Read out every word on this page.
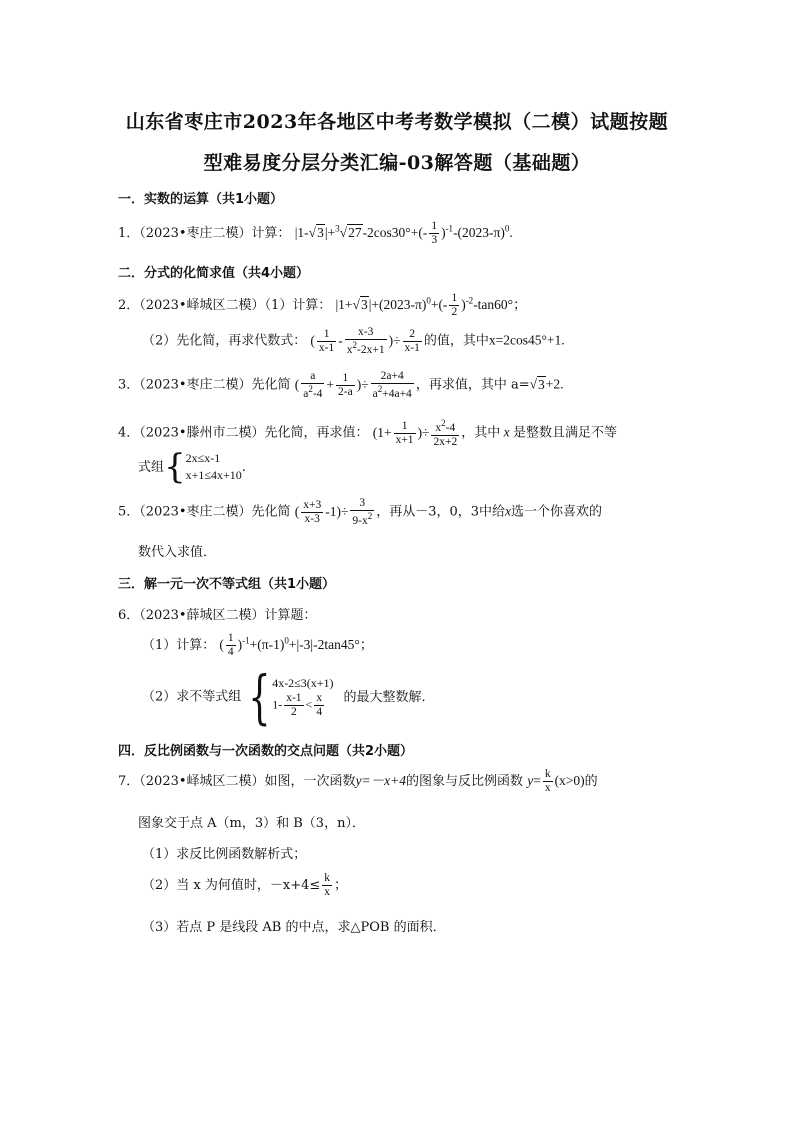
山东省枣庄市2023年各地区中考考数学模拟（二模）试题按题
型难易度分层分类汇编-03解答题（基础题）
一．实数的运算（共1小题）
1．（2023•枣庄二模）计算： $|1-√3|+^3√27-2\cos 30^\circ+(- \frac{1}{3} )^{-1}-(2023-\pi)^0$.
二．分式的化简求值（共4小题）
2．（2023•峄城区二模）（1）计算： $|1+√3|+(2023-\pi)^0+(- \frac{1}{2} )^{-2}-\tan 60^\circ$；
（2）先化简，再求代数式： ( $\frac{1}{x-1} - \frac{x-3}{x^2-2x+1}$ )÷ $\frac{2}{x-1}$ 的值，其中x=2cos45°+1.
3．（2023•枣庄二模）先化简 ( $\frac{a}{a^2-4} + \frac{1}{2-a}$ )÷ $\frac{2a+4}{a^2+4a+4}$ ，再求值，其中 a=√3+2.
4．（2023•滕州市二模）先化简，再求值： ($1+ \frac{1}{x+1}$ )÷ $\frac{x^2-4}{2x+2}$ ，其中 x 是整数且满足不等
式组{ 2x≤x-1
x+1≤4x+10
.
5．（2023•枣庄二模）先化简 ( $\frac{x+3}{x-3} -1)\div \frac{3}{9-x^2}$ ，再从－3，0，3中给x选一个你喜欢的
数代入求值．
三．解一元一次不等式组（共1小题）
6．（2023•薛城区二模）计算题：
（1）计算： ( $\frac{1}{4} )^{-1}+(\pi-1)^0+|-3|-2\tan 45^\circ$；
（2）求不等式组 { 4x-2≤3(x+1)
$1- \frac{x-1}{2} < \frac{x}{4}$ 的最大整数解．
四．反比例函数与一次函数的交点问题（共2小题）
7．（2023•峄城区二模）如图，一次函数y=－x+4的图象与反比例函数 $y= \frac{k}{x} (x>0)$的
图象交于点 A（m，3）和 B（3，n）．
（1）求反比例函数解析式；
（2）当 x 为何值时，$-x+4\le \frac{k}{x}$ ；
（3）若点 P 是线段 AB 的中点，求△POB 的面积．
